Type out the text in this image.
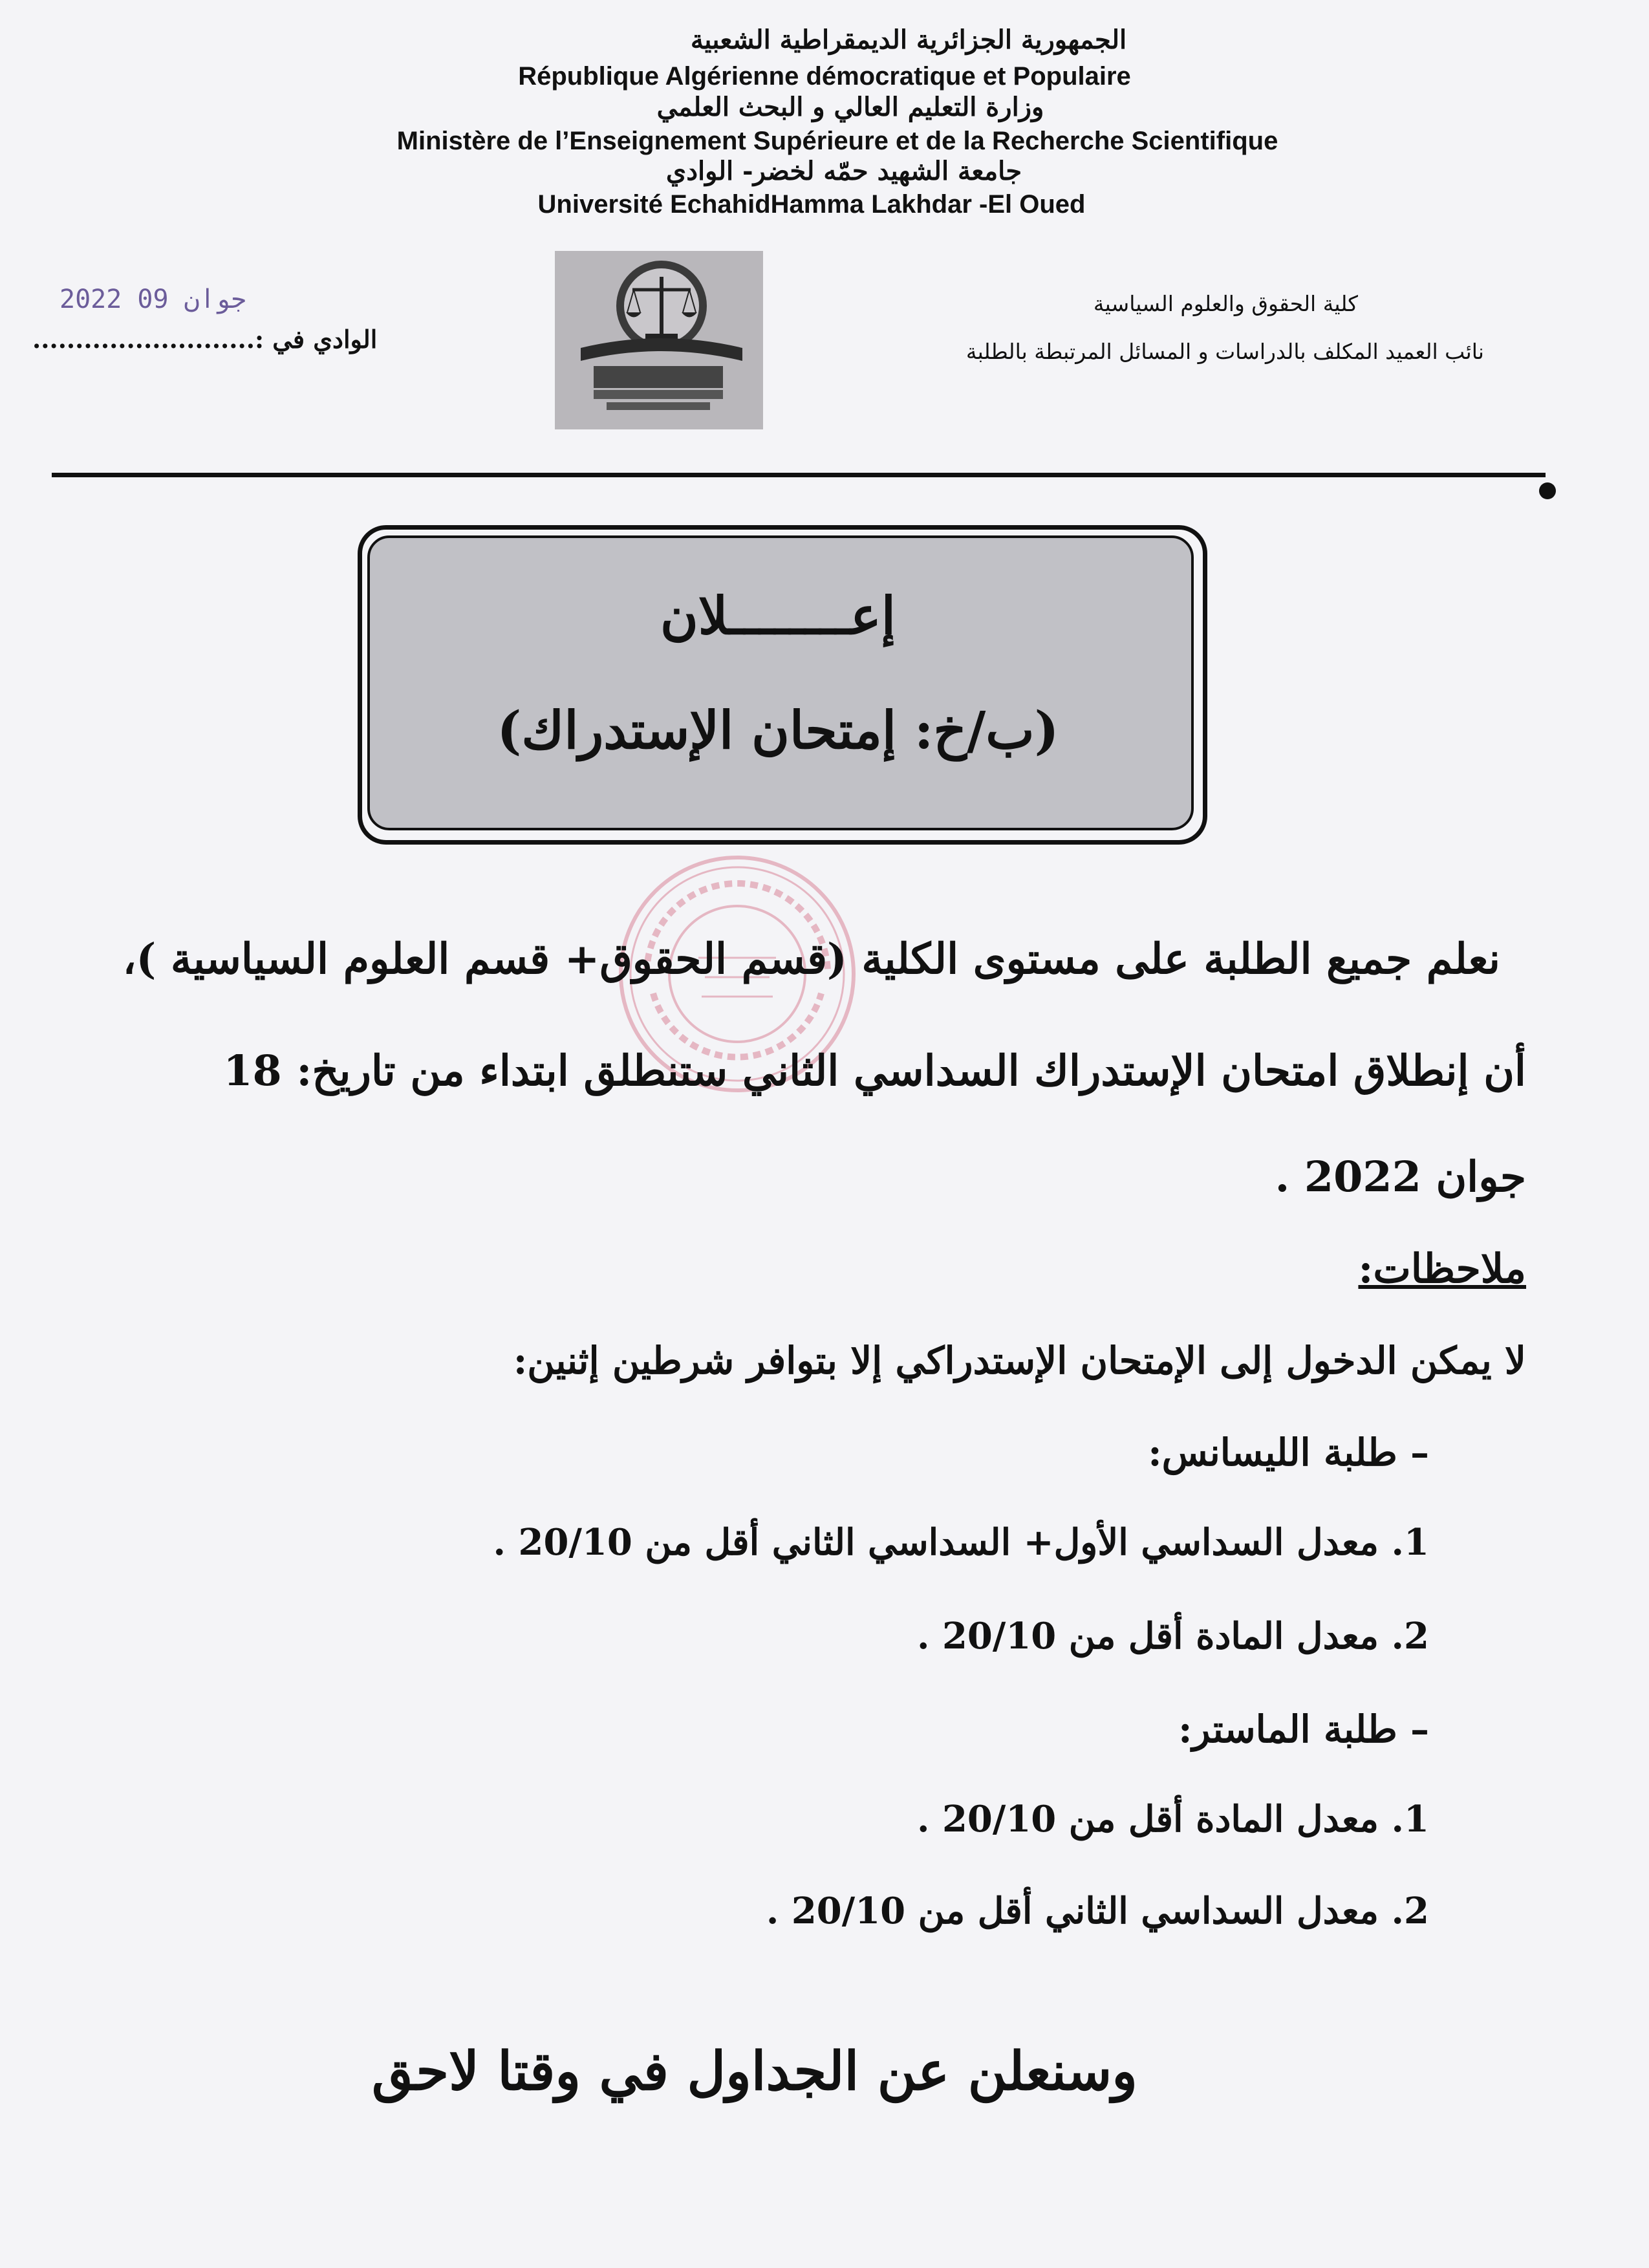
الجمهورية الجزائرية الديمقراطية الشعبية
République Algérienne démocratique et Populaire
وزارة التعليم العالي و البحث العلمي
Ministère de l’Enseignement Supérieure et de la Recherche Scientifique
جامعة الشهيد حمّه لخضر- الوادي
Université EchahidHamma Lakhdar -El Oued
كلية الحقوق والعلوم السياسية
نائب العميد المكلف بالدراسات و المسائل المرتبطة بالطلبة
2022 جوان 09
الوادي في :..........................
إعــــــــلان
(ب/خ: إمتحان الإستدراك)
نعلم جميع الطلبة على مستوى الكلية (قسم الحقوق+ قسم العلوم السياسية )،
أن إنطلاق امتحان الإستدراك السداسي الثاني ستنطلق ابتداء من تاريخ: 18
جوان 2022 .
ملاحظات:
لا يمكن الدخول إلى الإمتحان الإستدراكي إلا بتوافر شرطين إثنين:
– طلبة الليسانس:
1. معدل السداسي الأول+ السداسي الثاني أقل من 20/10 .
2. معدل المادة أقل من 20/10 .
– طلبة الماستر:
1. معدل المادة أقل من 20/10 .
2. معدل السداسي الثاني أقل من 20/10 .
وسنعلن عن الجداول في وقتا لاحق
